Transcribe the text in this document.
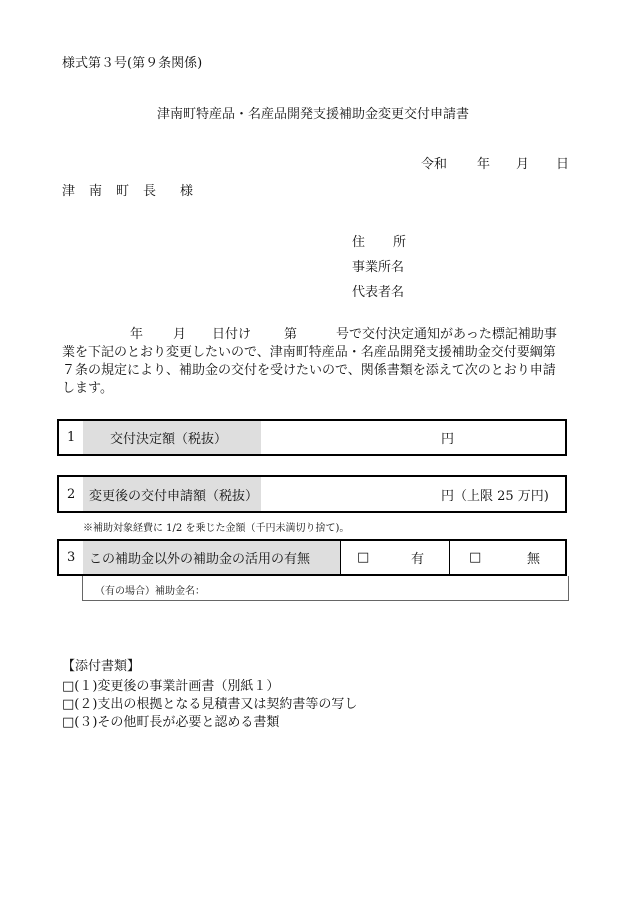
様式第３号(第９条関係)
津南町特産品・名産品開発支援補助金変更交付申請書
令和 年 月 日
津 南 町 長 様
住 所
事業所名
代表者名
年 月 日付け	第	号で交付決定通知があった標記補助事
業を下記のとおり変更したいので、津南町特産品・名産品開発支援補助金交付要綱第
７条の規定により、補助金の交付を受けたいので、関係書類を添えて次のとおり申請
します。
1	交付決定額（税抜）	円
2	変更後の交付申請額（税抜）	円（上限 25 万円)
※補助対象経費に 1/2 を乗じた金額（千円未満切り捨て)。
3	この補助金以外の補助金の活用の有無	□	有	□	無
（有の場合）補助金名：
【添付書類】
□(１)変更後の事業計画書（別紙１）
□(２)支出の根拠となる見積書又は契約書等の写し
□(３)その他町長が必要と認める書類
